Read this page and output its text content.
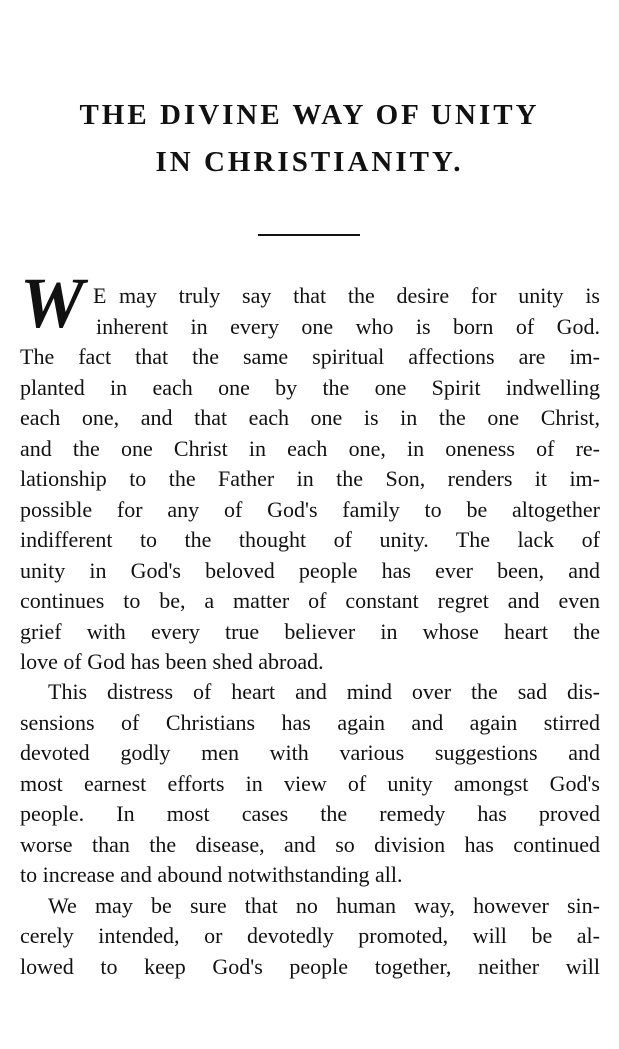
THE DIVINE WAY OF UNITY
IN CHRISTIANITY.
W E may truly say that the desire for unity is

inherent in every one who is born of God.

The fact that the same spiritual affections are im-

planted in each one by the one Spirit indwelling

each one, and that each one is in the one Christ,

and the one Christ in each one, in oneness of re-

lationship to the Father in the Son, renders it im-

possible for any of God's family to be altogether

indifferent to the thought of unity. The lack of

unity in God's beloved people has ever been, and

continues to be, a matter of constant regret and even

grief with every true believer in whose heart the

love of God has been shed abroad.

This distress of heart and mind over the sad dis-

sensions of Christians has again and again stirred

devoted godly men with various suggestions and

most earnest efforts in view of unity amongst God's

people. In most cases the remedy has proved

worse than the disease, and so division has continued

to increase and abound notwithstanding all.

We may be sure that no human way, however sin-

cerely intended, or devotedly promoted, will be al-

lowed to keep God's people together, neither will
